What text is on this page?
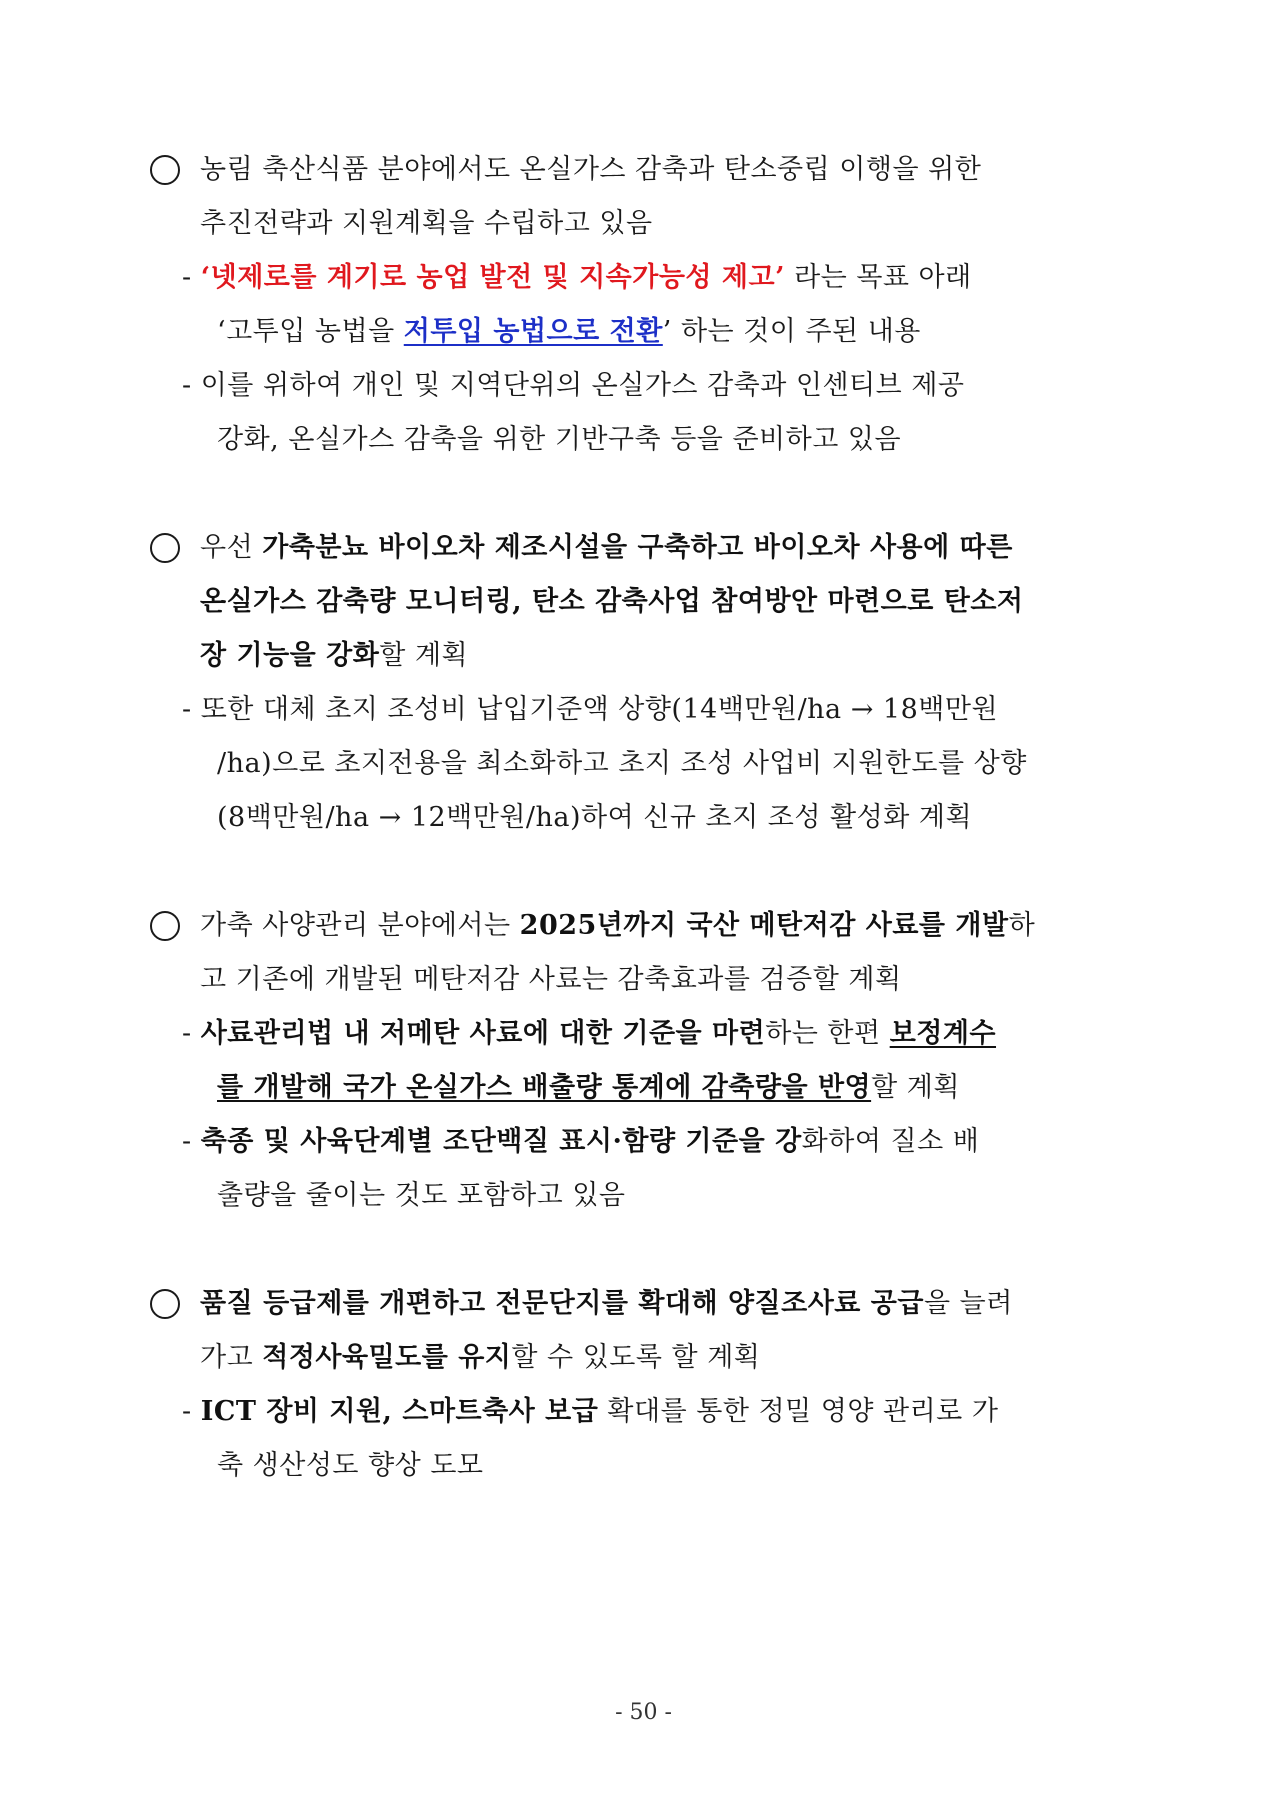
농림 축산식품 분야에서도 온실가스 감축과 탄소중립 이행을 위한
추진전략과 지원계획을 수립하고 있음
- ‘넷제로를 계기로 농업 발전 및 지속가능성 제고’ 라는 목표 아래
‘고투입 농법을 저투입 농법으로 전환’ 하는 것이 주된 내용
- 이를 위하여 개인 및 지역단위의 온실가스 감축과 인센티브 제공
강화, 온실가스 감축을 위한 기반구축 등을 준비하고 있음
우선 가축분뇨 바이오차 제조시설을 구축하고 바이오차 사용에 따른
온실가스 감축량 모니터링, 탄소 감축사업 참여방안 마련으로 탄소저
장 기능을 강화할 계획
- 또한 대체 초지 조성비 납입기준액 상향(14백만원/ha → 18백만원
/ha)으로 초지전용을 최소화하고 초지 조성 사업비 지원한도를 상향
(8백만원/ha → 12백만원/ha)하여 신규 초지 조성 활성화 계획
가축 사양관리 분야에서는 2025년까지 국산 메탄저감 사료를 개발하
고 기존에 개발된 메탄저감 사료는 감축효과를 검증할 계획
- 사료관리법 내 저메탄 사료에 대한 기준을 마련하는 한편 보정계수
를 개발해 국가 온실가스 배출량 통계에 감축량을 반영할 계획
- 축종 및 사육단계별 조단백질 표시·함량 기준을 강화하여 질소 배
출량을 줄이는 것도 포함하고 있음
품질 등급제를 개편하고 전문단지를 확대해 양질조사료 공급을 늘려
가고 적정사육밀도를 유지할 수 있도록 할 계획
- ICT 장비 지원, 스마트축사 보급 확대를 통한 정밀 영양 관리로 가
축 생산성도 향상 도모
- 50 -
